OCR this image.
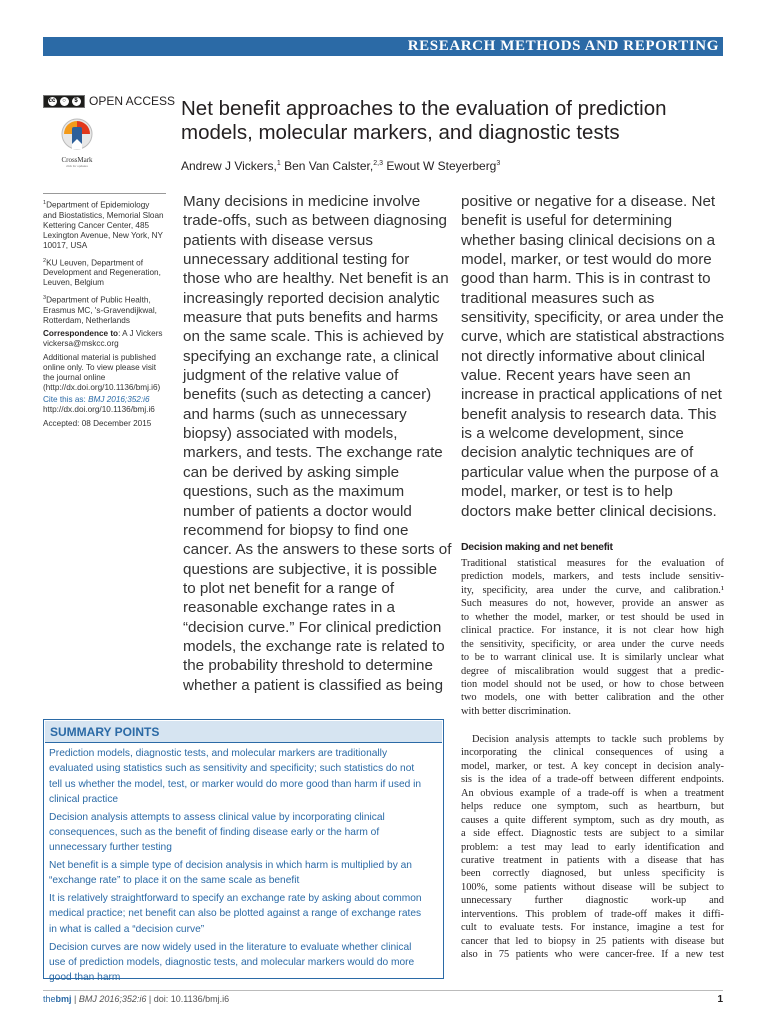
RESEARCH METHODS AND REPORTING
cc	○	$ OPEN ACCESS
CrossMark
click for updates
Net benefit approaches to the evaluation of prediction models, molecular markers, and diagnostic tests
Andrew J Vickers,$^1$ Ben Van Calster,$^{2,3}$ Ewout W Steyerberg$^3$

$^1$Department of Epidemiology and Biostatistics, Memorial Sloan Kettering Cancer Center, 485 Lexington Avenue, New York, NY 10017, USA

$^2$KU Leuven, Department of Development and Regeneration, Leuven, Belgium

$^3$Department of Public Health, Erasmus MC, 's-Gravendijkwal, Rotterdam, Netherlands

Correspondence to: A J Vickers vickersa@mskcc.org

Additional material is published online only. To view please visit the journal online (http://dx.doi.org/10.1136/bmj.i6)

Cite this as: BMJ 2016;352:i6
http://dx.doi.org/10.1136/bmj.i6

Accepted: 08 December 2015

Many decisions in medicine involve
trade-offs, such as between diagnosing
patients with disease versus
unnecessary additional testing for
those who are healthy. Net benefit is an
increasingly reported decision analytic
measure that puts benefits and harms
on the same scale. This is achieved by
specifying an exchange rate, a clinical
judgment of the relative value of
benefits (such as detecting a cancer)
and harms (such as unnecessary
biopsy) associated with models,
markers, and tests. The exchange rate
can be derived by asking simple
questions, such as the maximum
number of patients a doctor would
recommend for biopsy to find one
cancer. As the answers to these sorts of
questions are subjective, it is possible
to plot net benefit for a range of
reasonable exchange rates in a
“decision curve.” For clinical prediction
models, the exchange rate is related to
the probability threshold to determine
whether a patient is classified as being
positive or negative for a disease. Net
benefit is useful for determining
whether basing clinical decisions on a
model, marker, or test would do more
good than harm. This is in contrast to
traditional measures such as
sensitivity, specificity, or area under the
curve, which are statistical abstractions
not directly informative about clinical
value. Recent years have seen an
increase in practical applications of net
benefit analysis to research data. This
is a welcome development, since
decision analytic techniques are of
particular value when the purpose of a
model, marker, or test is to help
doctors make better clinical decisions.
Decision making and net benefit
Traditional statistical measures for the evaluation of
prediction models, markers, and tests include sensitiv-
ity, specificity, area under the curve, and calibration.¹
Such measures do not, however, provide an answer as
to whether the model, marker, or test should be used in
clinical practice. For instance, it is not clear how high
the sensitivity, specificity, or area under the curve needs
to be to warrant clinical use. It is similarly unclear what
degree of miscalibration would suggest that a predic-
tion model should not be used, or how to chose between
two models, one with better calibration and the other
with better discrimination.
Decision analysis attempts to tackle such problems by
incorporating the clinical consequences of using a
model, marker, or test. A key concept in decision analy-
sis is the idea of a trade-off between different endpoints.
An obvious example of a trade-off is when a treatment
helps reduce one symptom, such as heartburn, but
causes a quite different symptom, such as dry mouth, as
a side effect. Diagnostic tests are subject to a similar
problem: a test may lead to early identification and
curative treatment in patients with a disease that has
been correctly diagnosed, but unless specificity is
100%, some patients without disease will be subject to
unnecessary further diagnostic work-up and
interventions. This problem of trade-off makes it diffi-
cult to evaluate tests. For instance, imagine a test for
cancer that led to biopsy in 25 patients with disease but
also in 75 patients who were cancer-free. If a new test
SUMMARY POINTS
Prediction models, diagnostic tests, and molecular markers are traditionally
evaluated using statistics such as sensitivity and specificity; such statistics do not
tell us whether the model, test, or marker would do more good than harm if used in
clinical practice
Decision analysis attempts to assess clinical value by incorporating clinical
consequences, such as the benefit of finding disease early or the harm of
unnecessary further testing
Net benefit is a simple type of decision analysis in which harm is multiplied by an
“exchange rate” to place it on the same scale as benefit
It is relatively straightforward to specify an exchange rate by asking about common
medical practice; net benefit can also be plotted against a range of exchange rates
in what is called a “decision curve”
Decision curves are now widely used in the literature to evaluate whether clinical
use of prediction models, diagnostic tests, and molecular markers would do more
good than harm
thebmj | BMJ 2016;352:i6 | doi: 10.1136/bmj.i6	1
